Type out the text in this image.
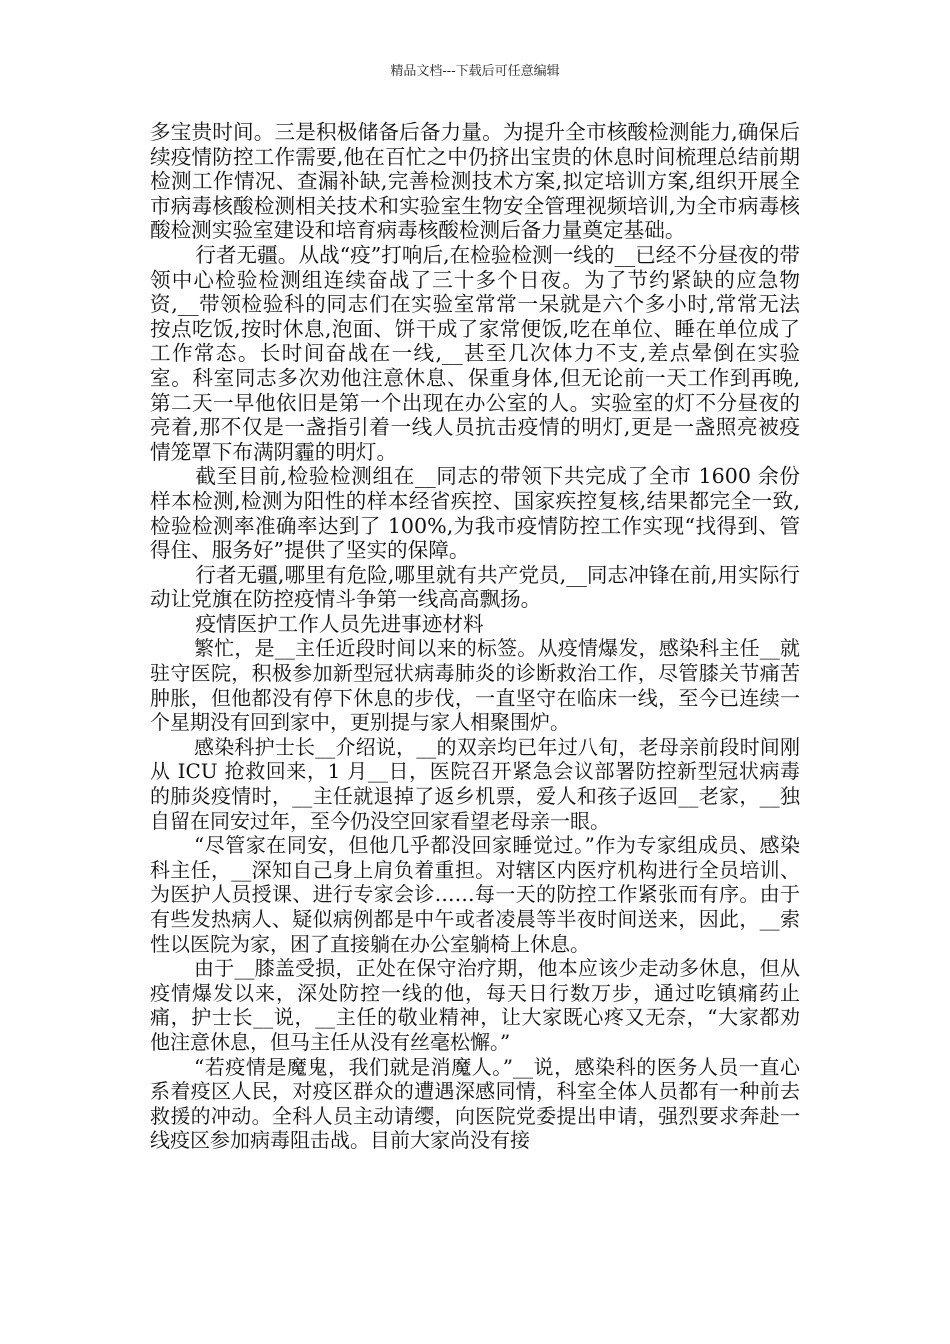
精品文档---下载后可任意编辑

多宝贵时间。三是积极储备后备力量。为提升全市核酸检测能力,确保后续疫情防控工作需要,他在百忙之中仍挤出宝贵的休息时间梳理总结前期检测工作情况、查漏补缺,完善检测技术方案,拟定培训方案,组织开展全市病毒核酸检测相关技术和实验室生物安全管理视频培训,为全市病毒核酸检测实验室建设和培育病毒核酸检测后备力量奠定基础。

行者无疆。从战“疫”打响后,在检验检测一线的__已经不分昼夜的带领中心检验检测组连续奋战了三十多个日夜。为了节约紧缺的应急物资,__带领检验科的同志们在实验室常常一呆就是六个多小时,常常无法按点吃饭,按时休息,泡面、饼干成了家常便饭,吃在单位、睡在单位成了工作常态。长时间奋战在一线,__甚至几次体力不支,差点晕倒在实验室。科室同志多次劝他注意休息、保重身体,但无论前一天工作到再晚,第二天一早他依旧是第一个出现在办公室的人。实验室的灯不分昼夜的亮着,那不仅是一盏指引着一线人员抗击疫情的明灯,更是一盏照亮被疫情笼罩下布满阴霾的明灯。

截至目前,检验检测组在__同志的带领下共完成了全市 1600 余份样本检测,检测为阳性的样本经省疾控、国家疾控复核,结果都完全一致,检验检测率准确率达到了 100%,为我市疫情防控工作实现“找得到、管得住、服务好”提供了坚实的保障。

行者无疆,哪里有危险,哪里就有共产党员,__同志冲锋在前,用实际行动让党旗在防控疫情斗争第一线高高飘扬。

疫情医护工作人员先进事迹材料

繁忙，是__主任近段时间以来的标签。从疫情爆发，感染科主任__就驻守医院，积极参加新型冠状病毒肺炎的诊断救治工作，尽管膝关节痛苦肿胀，但他都没有停下休息的步伐，一直坚守在临床一线，至今已连续一个星期没有回到家中，更别提与家人相聚围炉。

感染科护士长__介绍说，__的双亲均已年过八旬，老母亲前段时间刚从 ICU 抢救回来，1 月__日，医院召开紧急会议部署防控新型冠状病毒的肺炎疫情时，__主任就退掉了返乡机票，爱人和孩子返回__老家，__独自留在同安过年，至今仍没空回家看望老母亲一眼。

“尽管家在同安，但他几乎都没回家睡觉过。”作为专家组成员、感染科主任，__深知自己身上肩负着重担。对辖区内医疗机构进行全员培训、为医护人员授课、进行专家会诊……每一天的防控工作紧张而有序。由于有些发热病人、疑似病例都是中午或者凌晨等半夜时间送来，因此，__索性以医院为家，困了直接躺在办公室躺椅上休息。

由于__膝盖受损，正处在保守治疗期，他本应该少走动多休息，但从疫情爆发以来，深处防控一线的他，每天日行数万步，通过吃镇痛药止痛，护士长__说，__主任的敬业精神，让大家既心疼又无奈，“大家都劝他注意休息，但马主任从没有丝毫松懈。”

“若疫情是魔鬼，我们就是消魔人。”__说，感染科的医务人员一直心系着疫区人民，对疫区群众的遭遇深感同情，科室全体人员都有一种前去救援的冲动。全科人员主动请缨，向医院党委提出申请，强烈要求奔赴一线疫区参加病毒阻击战。目前大家尚没有接
